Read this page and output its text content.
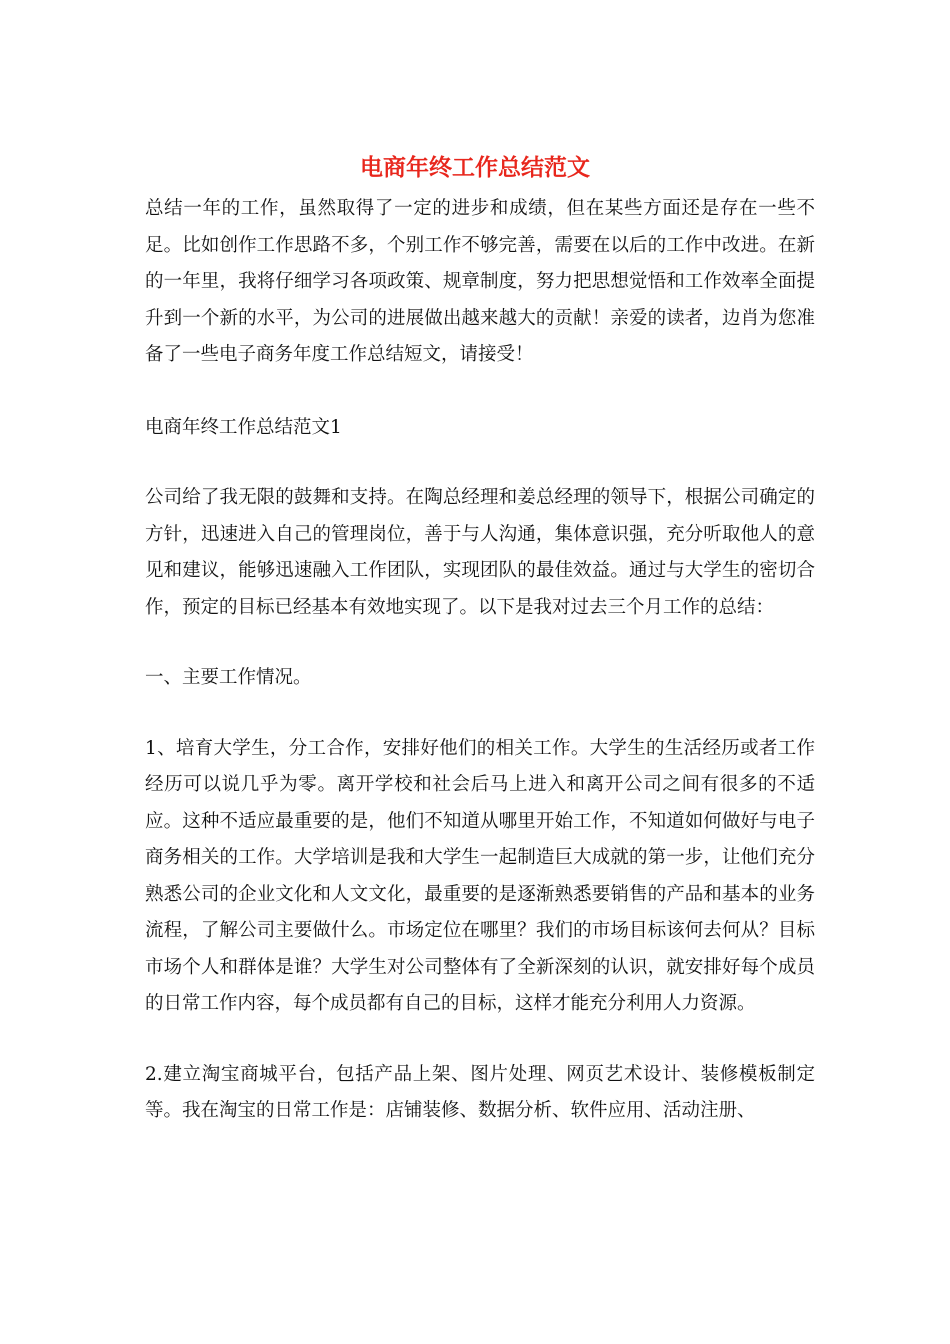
电商年终工作总结范文

总结一年的工作，虽然取得了一定的进步和成绩，但在某些方面还是存在一些不足。比如创作工作思路不多，个别工作不够完善，需要在以后的工作中改进。在新的一年里，我将仔细学习各项政策、规章制度，努力把思想觉悟和工作效率全面提升到一个新的水平，为公司的进展做出越来越大的贡献！亲爱的读者，边肖为您准备了一些电子商务年度工作总结短文，请接受！

电商年终工作总结范文1

公司给了我无限的鼓舞和支持。在陶总经理和姜总经理的领导下，根据公司确定的方针，迅速进入自己的管理岗位，善于与人沟通，集体意识强，充分听取他人的意见和建议，能够迅速融入工作团队，实现团队的最佳效益。通过与大学生的密切合作，预定的目标已经基本有效地实现了。以下是我对过去三个月工作的总结：

一、主要工作情况。

1、培育大学生，分工合作，安排好他们的相关工作。大学生的生活经历或者工作经历可以说几乎为零。离开学校和社会后马上进入和离开公司之间有很多的不适应。这种不适应最重要的是，他们不知道从哪里开始工作，不知道如何做好与电子商务相关的工作。大学培训是我和大学生一起制造巨大成就的第一步，让他们充分熟悉公司的企业文化和人文文化，最重要的是逐渐熟悉要销售的产品和基本的业务流程，了解公司主要做什么。市场定位在哪里？我们的市场目标该何去何从？目标市场个人和群体是谁？大学生对公司整体有了全新深刻的认识，就安排好每个成员的日常工作内容，每个成员都有自己的目标，这样才能充分利用人力资源。

2.建立淘宝商城平台，包括产品上架、图片处理、网页艺术设计、装修模板制定等。我在淘宝的日常工作是：店铺装修、数据分析、软件应用、活动注册、
